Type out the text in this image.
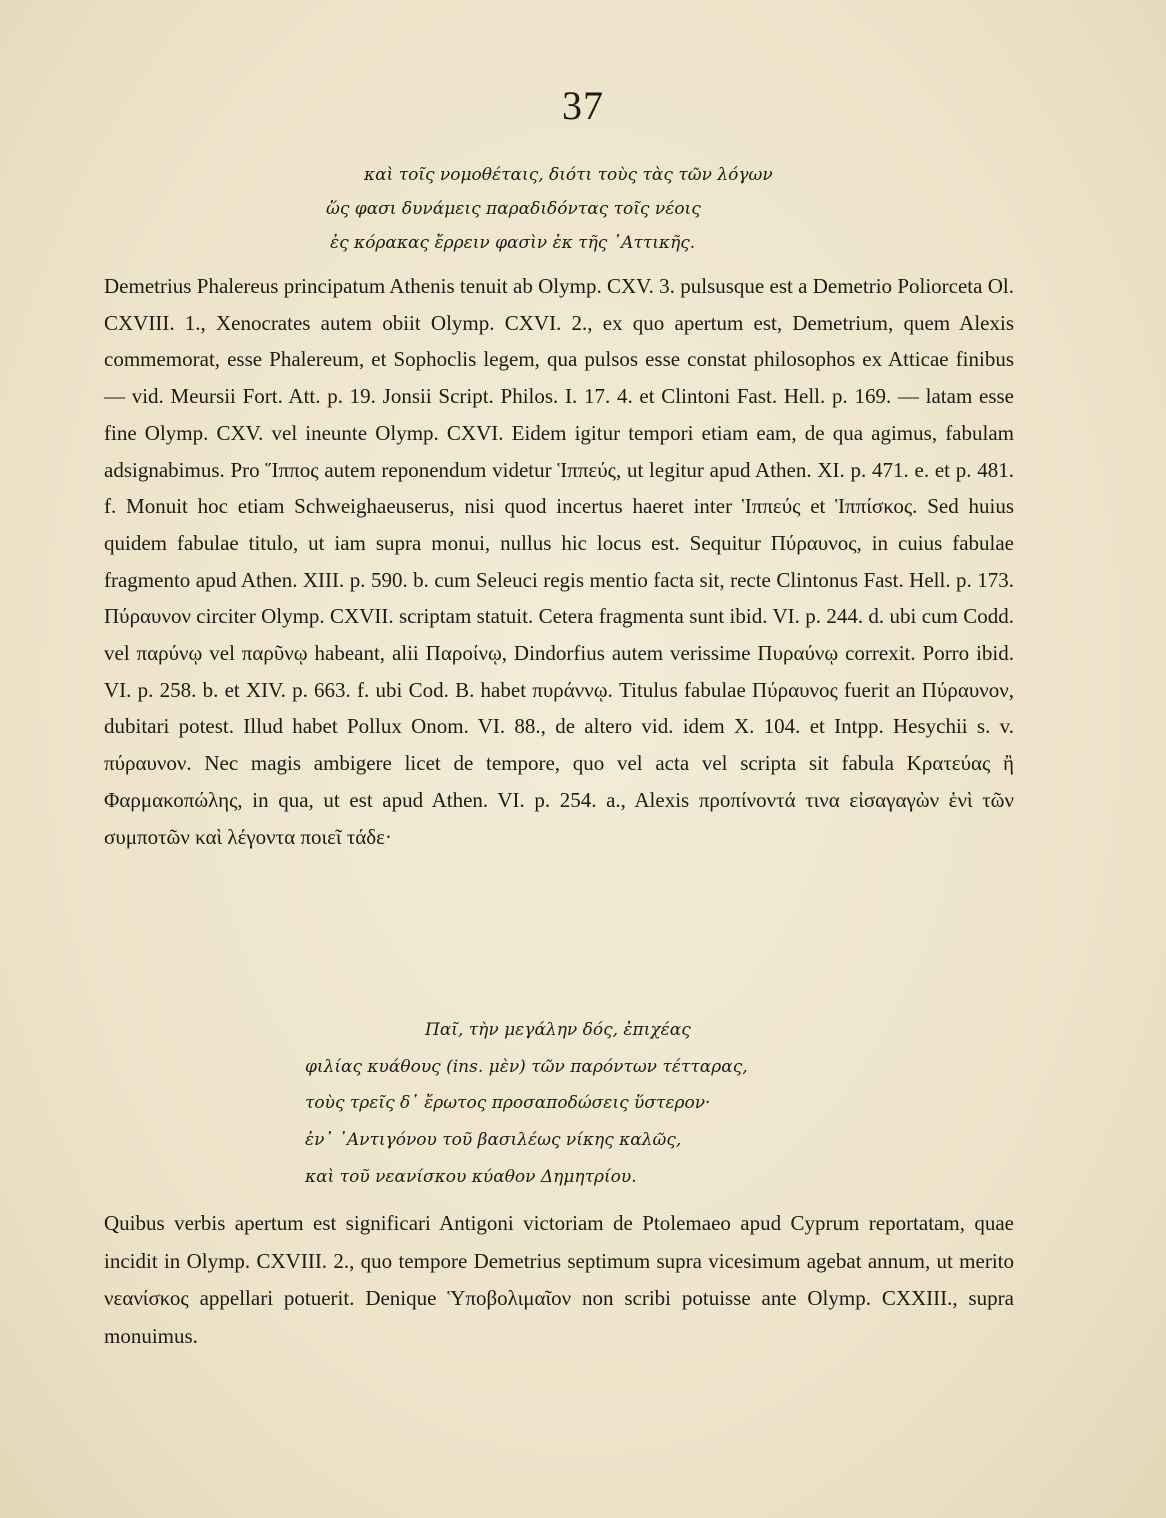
37
καὶ τοῖς νομοθέταις, διότι τοὺς τὰς τῶν λόγων
ὥς φασι δυνάμεις παραδιδόντας τοῖς νέοις
ἐς κόρακας ἔρρειν φασὶν ἐκ τῆς ᾿Αττικῆς.
Demetrius Phalereus principatum Athenis tenuit ab Olymp. CXV. 3. pulsusque est a Demetrio Poliorceta Ol. CXVIII. 1., Xenocrates autem obiit Olymp. CXVI. 2., ex quo apertum est, Demetrium, quem Alexis commemorat, esse Phalereum, et Sophoclis legem, qua pulsos esse constat philosophos ex Atticae finibus — vid. Meursii Fort. Att. p. 19. Jonsii Script. Philos. I. 17. 4. et Clintoni Fast. Hell. p. 169. — latam esse fine Olymp. CXV. vel ineunte Olymp. CXVI. Eidem igitur tempori etiam eam, de qua agimus, fabulam adsignabimus. Pro Ἵππος autem reponendum videtur Ἱππεύς, ut legitur apud Athen. XI. p. 471. e. et p. 481. f. Monuit hoc etiam Schweighaeuserus, nisi quod incertus haeret inter Ἱππεύς et Ἱππίσκος. Sed huius quidem fabulae titulo, ut iam supra monui, nullus hic locus est. Sequitur Πύραυνος, in cuius fabulae fragmento apud Athen. XIII. p. 590. b. cum Seleuci regis mentio facta sit, recte Clintonus Fast. Hell. p. 173. Πύραυνον circiter Olymp. CXVII. scriptam statuit. Cetera fragmenta sunt ibid. VI. p. 244. d. ubi cum Codd. vel παρύνῳ vel παρῦνῳ habeant, alii Παροίνῳ, Dindorfius autem verissime Πυραύνῳ correxit. Porro ibid. VI. p. 258. b. et XIV. p. 663. f. ubi Cod. B. habet πυράννῳ. Titulus fabulae Πύραυνος fuerit an Πύραυνον, dubitari potest. Illud habet Pollux Onom. VI. 88., de altero vid. idem X. 104. et Intpp. Hesychii s. v. πύραυνον. Nec magis ambigere licet de tempore, quo vel acta vel scripta sit fabula Κρατεύας ἢ Φαρμακοπώλης, in qua, ut est apud Athen. VI. p. 254. a., Alexis προπίνοντά τινα εἰσαγαγὼν ἑνὶ τῶν συμποτῶν καὶ λέγοντα ποιεῖ τάδε·
Παῖ, τὴν μεγάλην δός, ἐπιχέας
φιλίας κυάθους (ins. μὲν) τῶν παρόντων τέτταρας,
τοὺς τρεῖς δ᾿ ἔρωτος προσαποδώσεις ὕστερον·
ἐν᾿ ᾿Αντιγόνου τοῦ βασιλέως νίκης καλῶς,
καὶ τοῦ νεανίσκου κύαθον Δημητρίου.
Quibus verbis apertum est significari Antigoni victoriam de Ptolemaeo apud Cyprum reportatam, quae incidit in Olymp. CXVIII. 2., quo tempore Demetrius septimum supra vicesimum agebat annum, ut merito νεανίσκος appellari potuerit. Denique Ὑποβολιμαῖον non scribi potuisse ante Olymp. CXXIII., supra monuimus.
